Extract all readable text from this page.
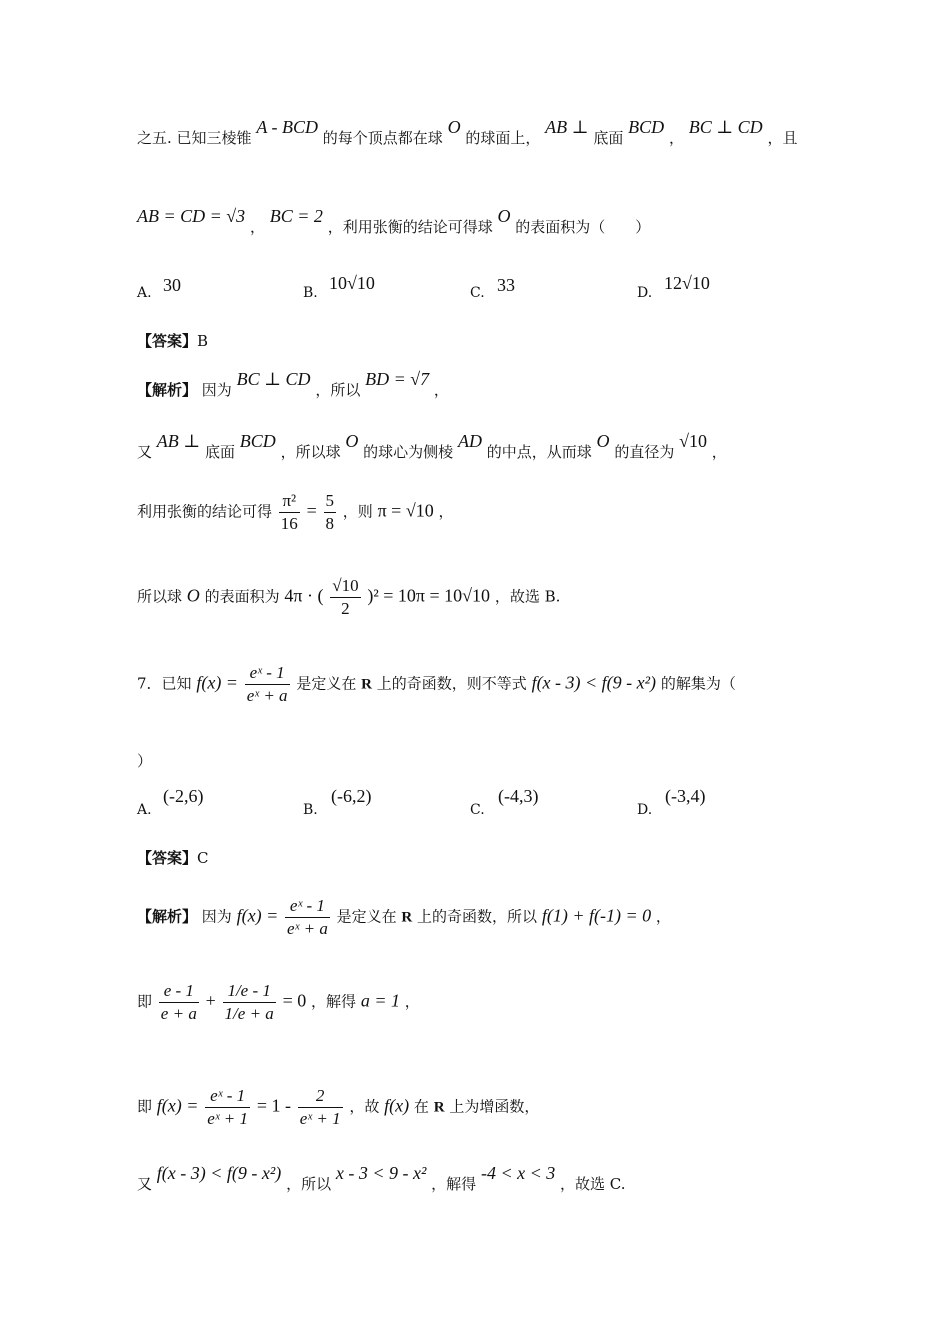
之五. 已知三棱锥 A - BCD 的每个顶点都在球 O 的球面上， AB ⊥ 底面 BCD ， BC ⊥ CD ，且
AB = CD = √3 ， BC = 2 ，利用张衡的结论可得球 O 的表面积为（　　）
A. 30	B. 10√10	C. 33	D. 12√10
【答案】B
【解析】 因为 BC ⊥ CD ，所以 BD = √7 ，
又 AB ⊥ 底面 BCD ，所以球 O 的球心为侧棱 AD 的中点，从而球 O 的直径为 √10 ，
利用张衡的结论可得 $\frac{\text{π²}}{16} = \frac{5}{8}$ ，则 π = √10 ，
所以球 O 的表面积为 4π · ( $\frac{√10}{2} )^2 = 10\pi = 10√10$ ，故选 B.
7．已知 $f(x) = \frac{\text{eˣ - 1}}{\text{eˣ + a}}$ 是定义在 R 上的奇函数，则不等式 f(x - 3) < f(9 - x²) 的解集为（
）
A.
(-2,6)
B.
(-6,2)
C.
(-4,3)
D.
(-3,4)
【答案】C
【解析】 因为 $f(x) = \frac{\text{eˣ - 1}}{\text{eˣ + a}}$ 是定义在 R 上的奇函数，所以 f(1) + f(-1) = 0 ，
即 $\frac{e - 1}{e + a} + \frac{1/e - 1}{1/e + a} = 0$ ，解得 a = 1 ，
即 $f(x) = \frac{\text{eˣ - 1}}{\text{eˣ + 1}} = 1 - \frac{2}{\text{eˣ + 1}}$ ，故 f(x) 在 R 上为增函数，
又 f(x - 3) < f(9 - x²) ，所以 x - 3 < 9 - x² ，解得 -4 < x < 3 ，故选 C.
